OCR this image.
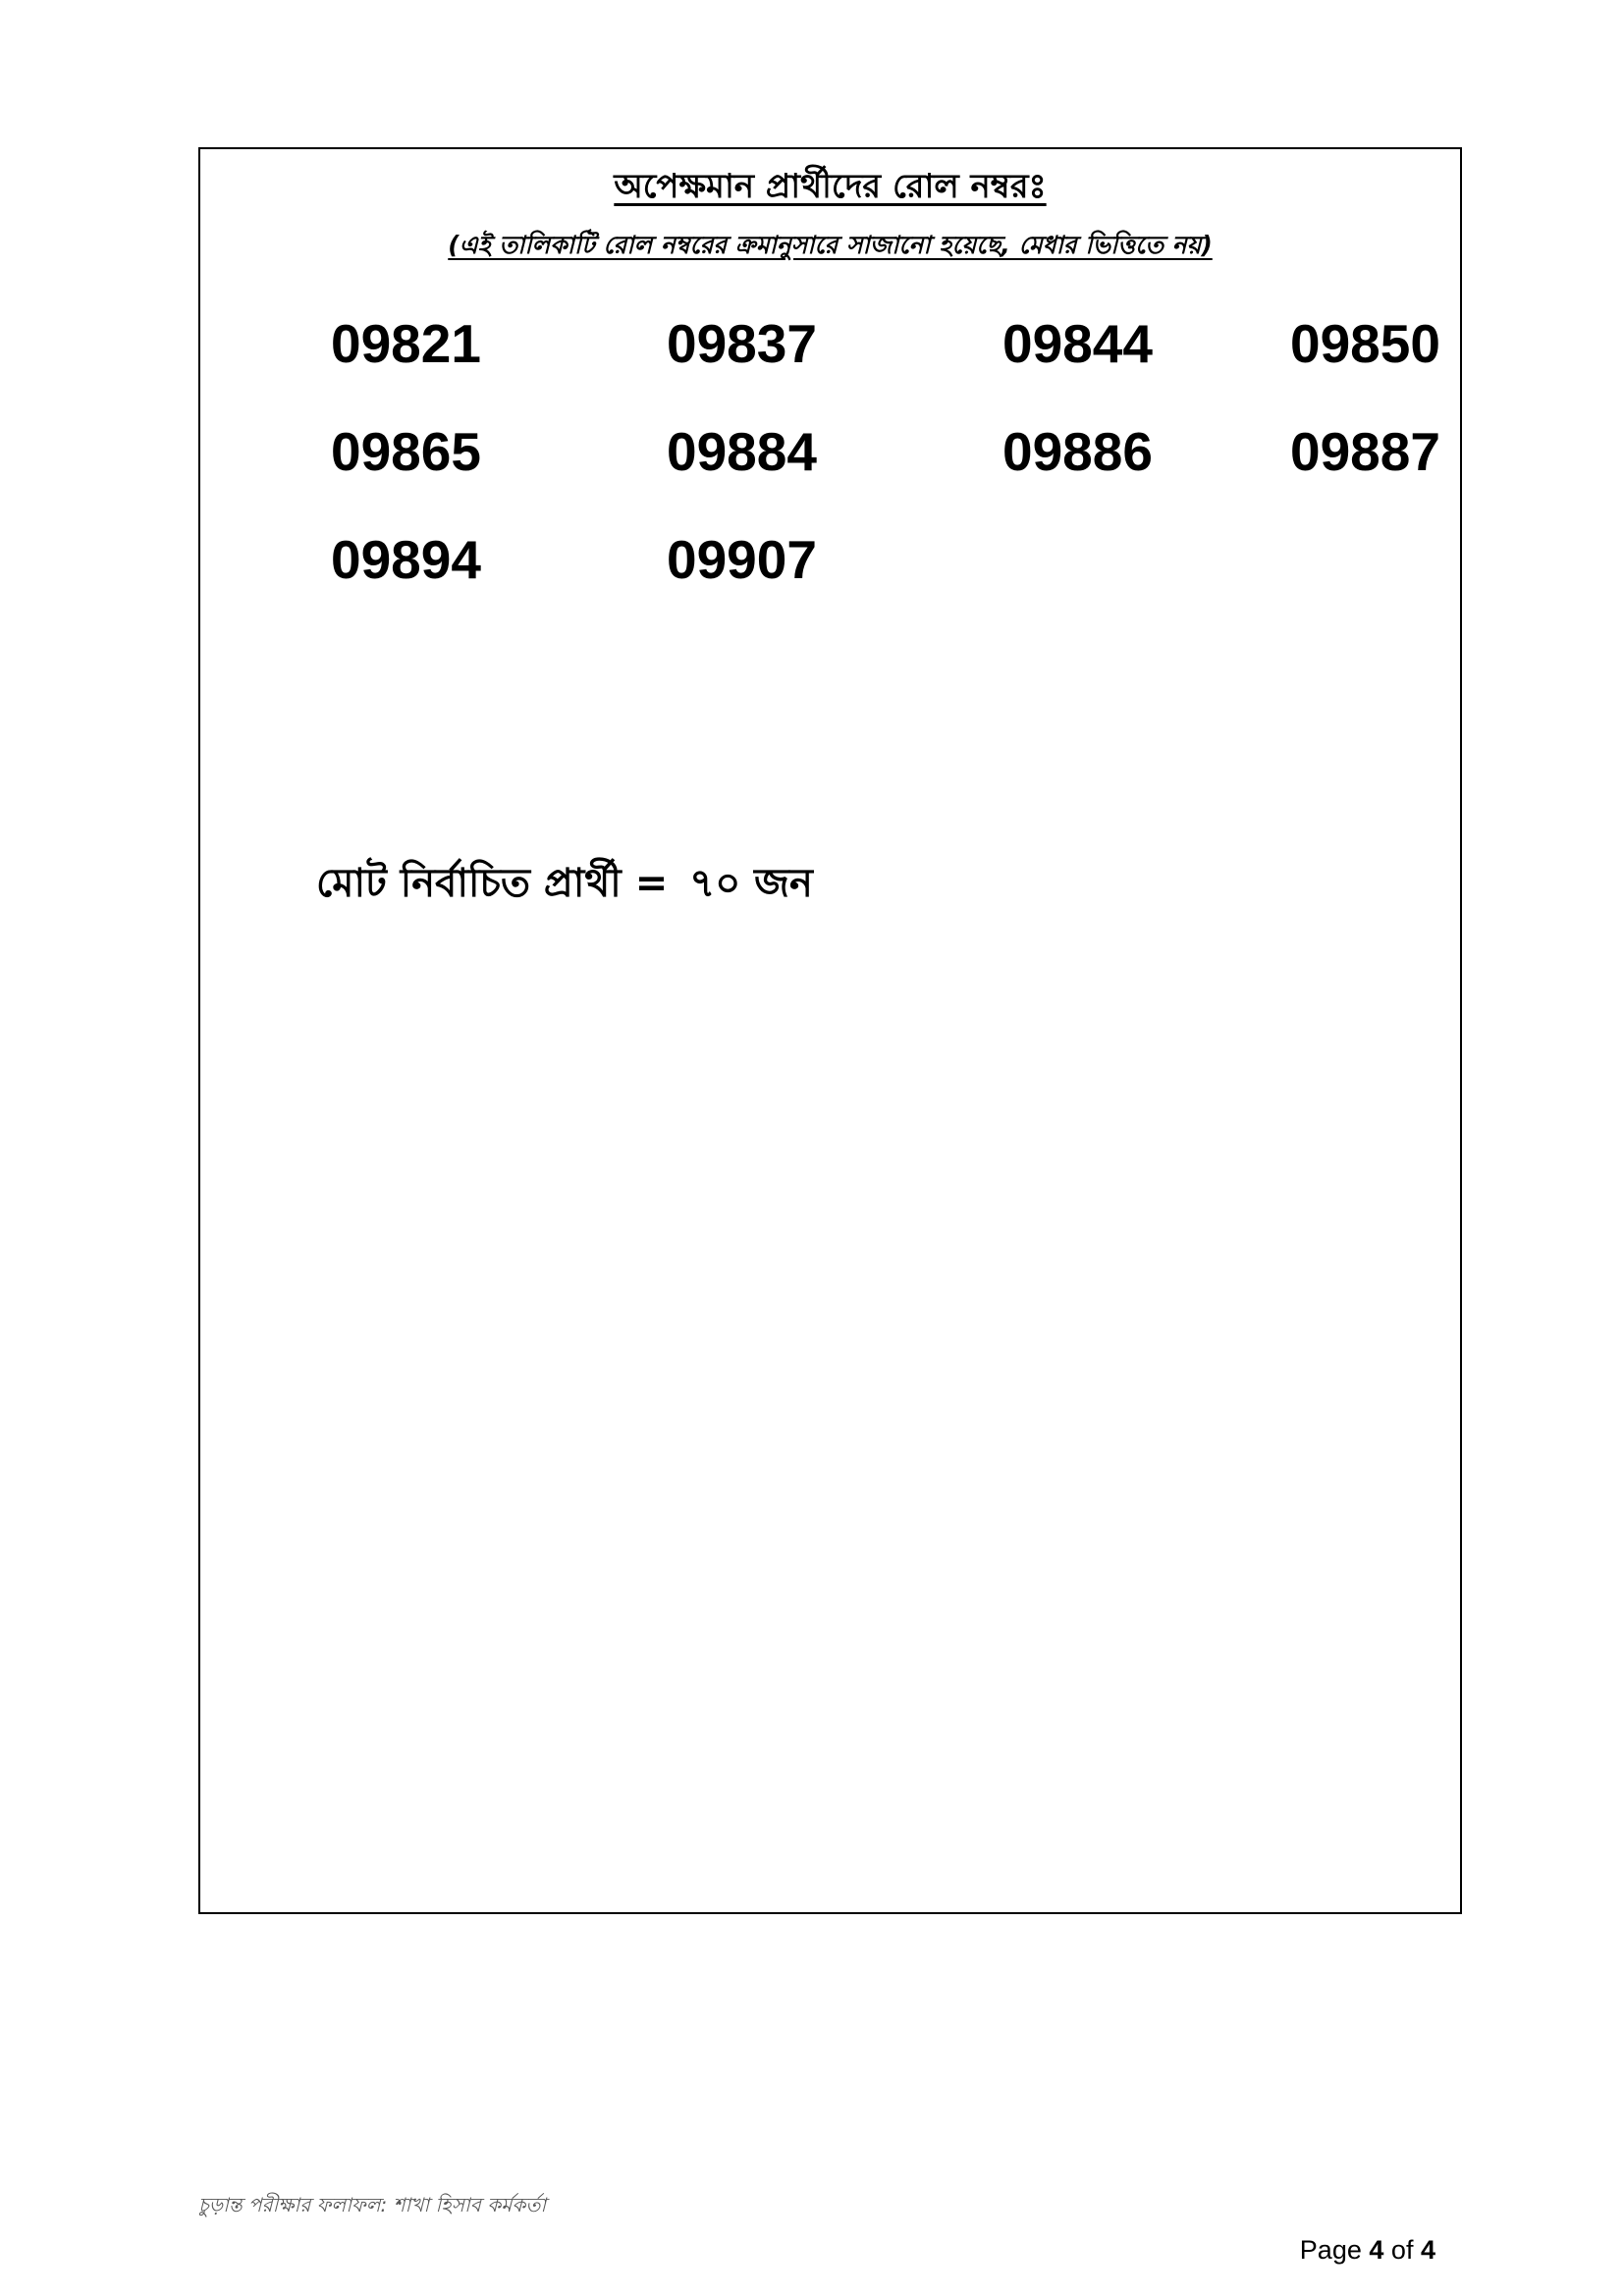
অপেক্ষমান প্রার্থীদের রোল নম্বরঃ
(এই তালিকাটি রোল নম্বরের ক্রমানুসারে সাজানো হয়েছে, মেধার ভিত্তিতে নয়)
09821	09837	09844	09850
09865	09884	09886	09887
09894	09907
মোট নির্বাচিত প্রার্থী = ৭০ জন
চুড়ান্ত পরীক্ষার ফলাফল: শাখা হিসাব কর্মকর্তা
Page 4 of 4
